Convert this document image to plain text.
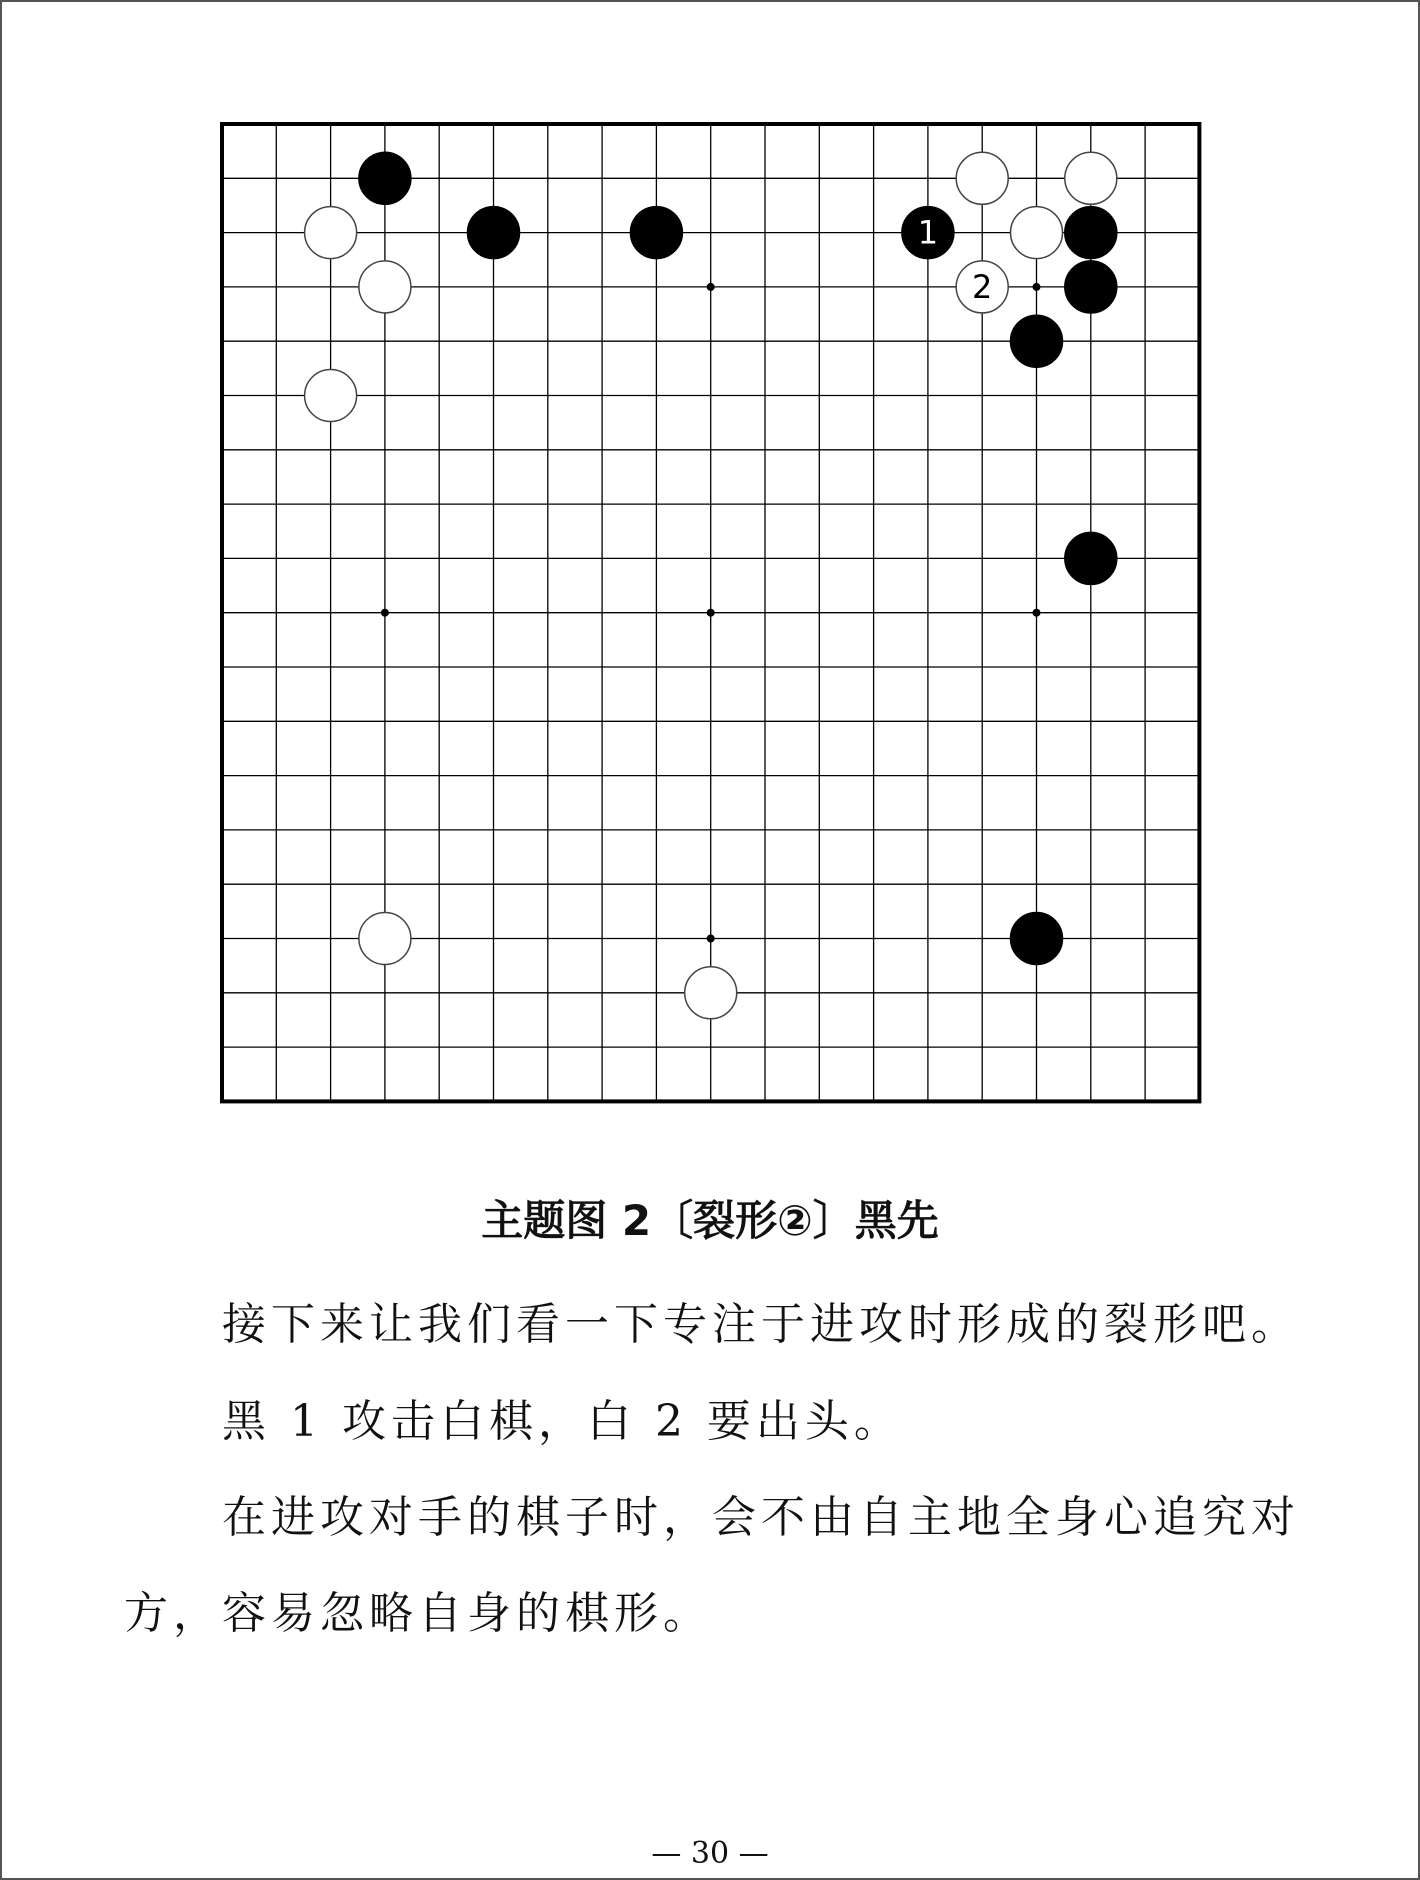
1
2
主题图 2〔裂形②〕黑先
接下来让我们看一下专注于进攻时形成的裂形吧。
黑 1 攻击白棋，白 2 要出头。
在进攻对手的棋子时，会不由自主地全身心追究对
方，容易忽略自身的棋形。
— 30 —
